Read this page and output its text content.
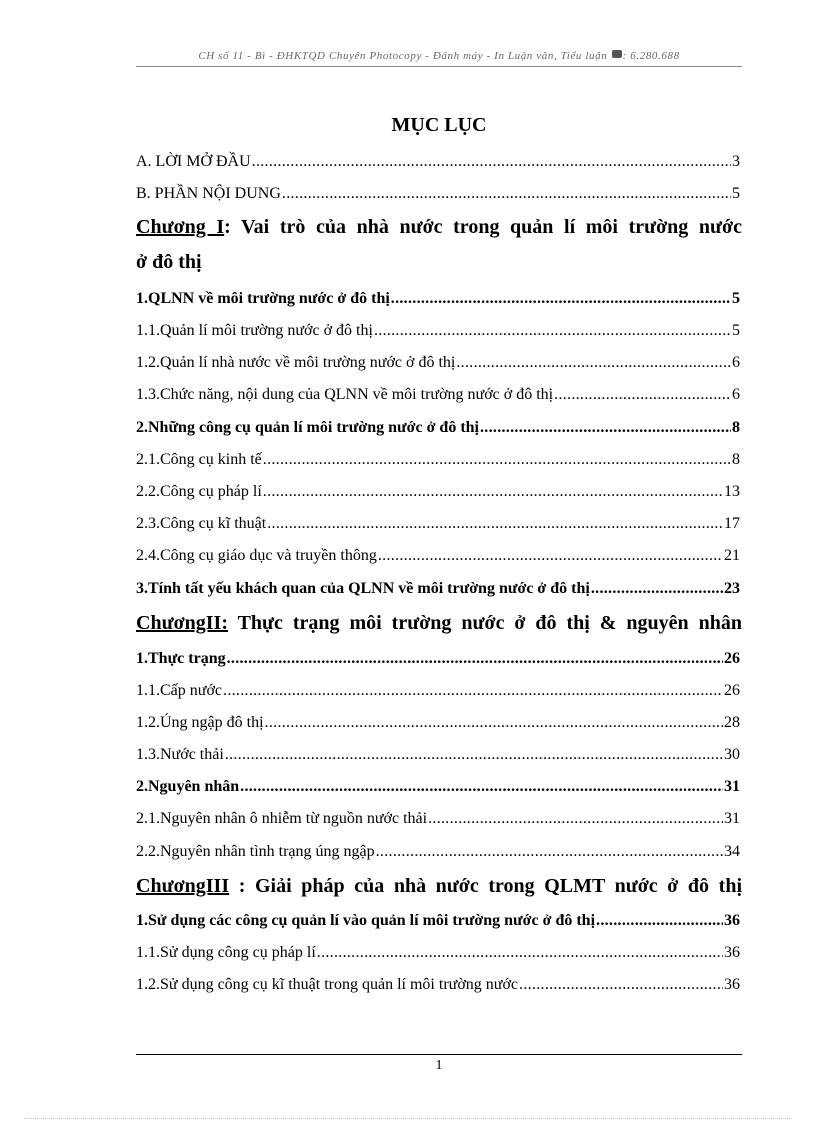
CH số 11 - Bì - ĐHKTQD Chuyên Photocopy - Đánh máy - In Luận văn, Tiểu luận : 6.280.688
MỤC LỤC
A. LỜI MỞ ĐẦU .....	3
B. PHẦN NỘI DUNG .....	5
Chương I: Vai trò của nhà nước trong quản lí môi trường nước
ở đô thị
1.QLNN về môi trường nước ở đô thị .....	5
1.1.Quản lí môi trường nước ở đô thị .....	5
1.2.Quản lí nhà nước về môi trường nước ở đô thị .....	6
1.3.Chức năng, nội dung của QLNN về môi trường nước ở đô thị .....	6
2.Những công cụ quản lí môi trường nước ở đô thị .....	8
2.1.Công cụ kinh tế .....	8
2.2.Công cụ pháp lí .....	13
2.3.Công cụ kĩ thuật .....	17
2.4.Công cụ giáo dục và truyền thông .....	21
3.Tính tất yếu khách quan của QLNN về môi trường nước ở đô thị .....	23
ChươngII: Thực trạng môi trường nước ở đô thị & nguyên nhân
1.Thực trạng .....	26
1.1.Cấp nước .....	26
1.2.Úng ngập đô thị .....	28
1.3.Nước thải .....	30
2.Nguyên nhân .....	31
2.1.Nguyên nhân ô nhiễm từ nguồn nước thải .....	31
2.2.Nguyên nhân tình trạng úng ngập .....	34
ChươngIII : Giải pháp của nhà nước trong QLMT nước ở đô thị
1.Sử dụng các công cụ quản lí vào quản lí môi trường nước ở đô thị .....	36
1.1.Sử dụng công cụ pháp lí .....	36
1.2.Sử dụng công cụ kĩ thuật trong quản lí môi trường nước .....	36
1
